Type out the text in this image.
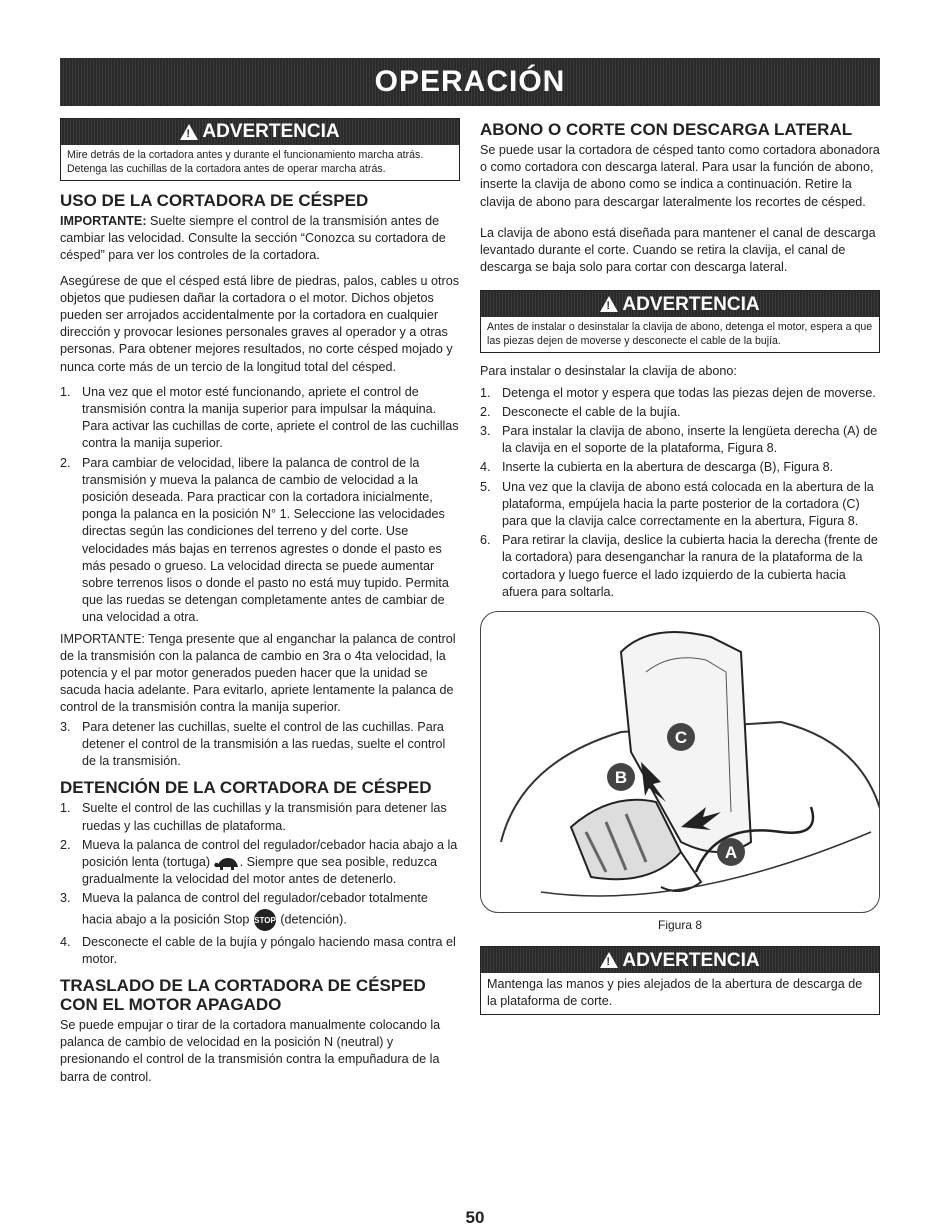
OPERACIÓN
!
ADVERTENCIA
Mire detrás de la cortadora antes y durante el funcionamiento marcha atrás. Detenga las cuchillas de la cortadora antes de operar marcha atrás.
USO DE LA CORTADORA DE CÉSPED

IMPORTANTE: Suelte siempre el control de la transmisión antes de cambiar las velocidad. Consulte la sección “Conozca su cortadora de césped” para ver los controles de la cortadora.

Asegúrese de que el césped está libre de piedras, palos, cables u otros objetos que pudiesen dañar la cortadora o el motor. Dichos objetos pueden ser arrojados accidentalmente por la cortadora en cualquier dirección y provocar lesiones personales graves al operador y a otras personas. Para obtener mejores resultados, no corte césped mojado y nunca corte más de un tercio de la longitud total del césped.

1. Una vez que el motor esté funcionando, apriete el control de transmisión contra la manija superior para impulsar la máquina. Para activar las cuchillas de corte, apriete el control de las cuchillas contra la manija superior.
2. Para cambiar de velocidad, libere la palanca de control de la transmisión y mueva la palanca de cambio de velocidad a la posición deseada. Para practicar con la cortadora inicialmente, ponga la palanca en la posición N° 1. Seleccione las velocidades directas según las condiciones del terreno y del corte. Use velocidades más bajas en terrenos agrestes o donde el pasto es más pesado o grueso. La velocidad directa se puede aumentar sobre terrenos lisos o donde el pasto no está muy tupido. Permita que las ruedas se detengan completamente antes de cambiar de una velocidad a otra.

IMPORTANTE: Tenga presente que al enganchar la palanca de control de la transmisión con la palanca de cambio en 3ra o 4ta velocidad, la potencia y el par motor generados pueden hacer que la unidad se sacuda hacia adelante. Para evitarlo, apriete lentamente la palanca de control de la transmisión contra la manija superior.

3. Para detener las cuchillas, suelte el control de las cuchillas. Para detener el control de la transmisión a las ruedas, suelte el control de la transmisión.
DETENCIÓN DE LA CORTADORA DE CÉSPED
1. Suelte el control de las cuchillas y la transmisión para detener las ruedas y las cuchillas de plataforma.
2. Mueva la palanca de control del regulador/cebador hacia abajo a la posición lenta (tortuga) . Siempre que sea posible, reduzca gradualmente la velocidad del motor antes de detenerlo.
3. Mueva la palanca de control del regulador/cebador totalmente hacia abajo a la posición Stop STOP (detención).
4. Desconecte el cable de la bujía y póngalo haciendo masa contra el motor.
TRASLADO DE LA CORTADORA DE CÉSPED CON EL MOTOR APAGADO

Se puede empujar o tirar de la cortadora manualmente colocando la palanca de cambio de velocidad en la posición N (neutral) y presionando el control de la transmisión contra la empuñadura de la barra de control.

ABONO O CORTE CON DESCARGA LATERAL

Se puede usar la cortadora de césped tanto como cortadora abonadora o como cortadora con descarga lateral. Para usar la función de abono, inserte la clavija de abono como se indica a continuación. Retire la clavija de abono para descargar lateralmente los recortes de césped.

La clavija de abono está diseñada para mantener el canal de descarga levantado durante el corte. Cuando se retira la clavija, el canal de descarga se baja solo para cortar con descarga lateral.

!
ADVERTENCIA
Antes de instalar o desinstalar la clavija de abono, detenga el motor, espera a que las piezas dejen de moverse y desconecte el cable de la bujía.

Para instalar o desinstalar la clavija de abono:

1. Detenga el motor y espera que todas las piezas dejen de moverse.
2. Desconecte el cable de la bujía.
3. Para instalar la clavija de abono, inserte la lengüeta derecha (A) de la clavija en el soporte de la plataforma, Figura 8.
4. Inserte la cubierta en la abertura de descarga (B), Figura 8.
5. Una vez que la clavija de abono está colocada en la abertura de la plataforma, empújela hacia la parte posterior de la cortadora (C) para que la clavija calce correctamente en la abertura, Figura 8.
6. Para retirar la clavija, deslice la cubierta hacia la derecha (frente de la cortadora) para desenganchar la ranura de la plataforma de la cortadora y luego fuerce el lado izquierdo de la cubierta hacia afuera para soltarla.
C
B
A
Figura 8
!
ADVERTENCIA
Mantenga las manos y pies alejados de la abertura de descarga de la plataforma de corte.
50
